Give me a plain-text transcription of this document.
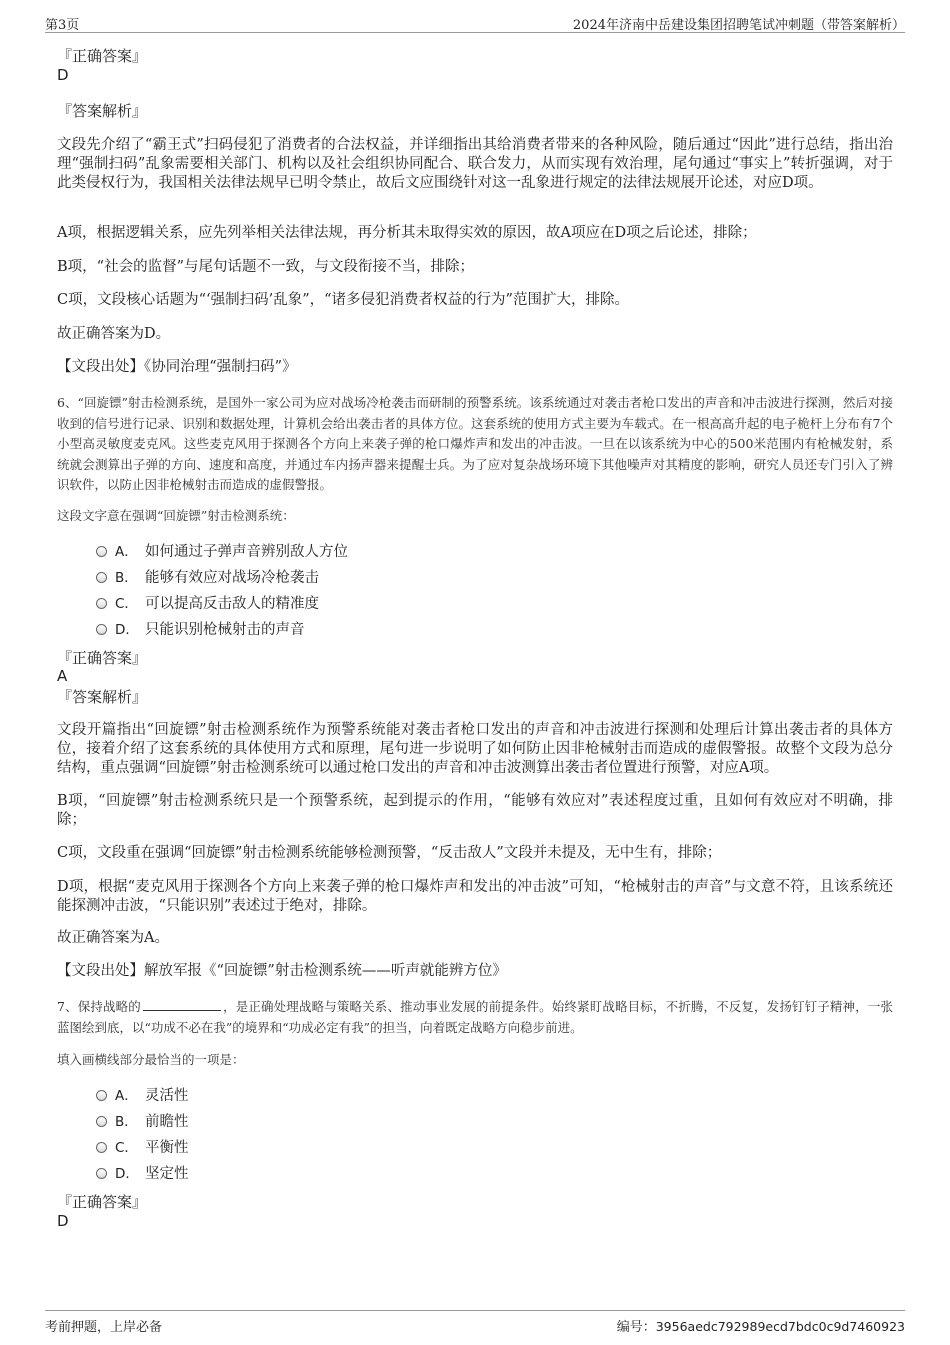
第3页	2024年济南中岳建设集团招聘笔试冲刺题（带答案解析）
『正确答案』
D
『答案解析』
文段先介绍了“霸王式”扫码侵犯了消费者的合法权益，并详细指出其给消费者带来的各种风险，随后通过“因此”进行总结，指出治理“强制扫码”乱象需要相关部门、机构以及社会组织协同配合、联合发力，从而实现有效治理，尾句通过“事实上”转折强调，对于此类侵权行为，我国相关法律法规早已明令禁止，故后文应围绕针对这一乱象进行规定的法律法规展开论述，对应D项。
A项，根据逻辑关系，应先列举相关法律法规，再分析其未取得实效的原因，故A项应在D项之后论述，排除；
B项，“社会的监督”与尾句话题不一致，与文段衔接不当，排除；
C项，文段核心话题为“‘强制扫码’乱象”，“诸多侵犯消费者权益的行为”范围扩大，排除。
故正确答案为D。
【文段出处】《协同治理“强制扫码”》
6、“回旋镖”射击检测系统，是国外一家公司为应对战场冷枪袭击而研制的预警系统。该系统通过对袭击者枪口发出的声音和冲击波进行探测，然后对接收到的信号进行记录、识别和数据处理，计算机会给出袭击者的具体方位。这套系统的使用方式主要为车载式。在一根高高升起的电子桅杆上分布有7个小型高灵敏度麦克风。这些麦克风用于探测各个方向上来袭子弹的枪口爆炸声和发出的冲击波。一旦在以该系统为中心的500米范围内有枪械发射，系统就会测算出子弹的方向、速度和高度，并通过车内扬声器来提醒士兵。为了应对复杂战场环境下其他噪声对其精度的影响，研究人员还专门引入了辨识软件，以防止因非枪械射击而造成的虚假警报。
这段文字意在强调“回旋镖”射击检测系统：
A． 如何通过子弹声音辨别敌人方位
B． 能够有效应对战场冷枪袭击
C． 可以提高反击敌人的精准度
D． 只能识别枪械射击的声音
『正确答案』
A
『答案解析』
文段开篇指出“回旋镖”射击检测系统作为预警系统能对袭击者枪口发出的声音和冲击波进行探测和处理后计算出袭击者的具体方位，接着介绍了这套系统的具体使用方式和原理，尾句进一步说明了如何防止因非枪械射击而造成的虚假警报。故整个文段为总分结构，重点强调“回旋镖”射击检测系统可以通过枪口发出的声音和冲击波测算出袭击者位置进行预警，对应A项。
B项，“回旋镖”射击检测系统只是一个预警系统，起到提示的作用，“能够有效应对”表述程度过重，且如何有效应对不明确，排除；
C项，文段重在强调“回旋镖”射击检测系统能够检测预警，“反击敌人”文段并未提及，无中生有，排除；
D项，根据“麦克风用于探测各个方向上来袭子弹的枪口爆炸声和发出的冲击波”可知，“枪械射击的声音”与文意不符，且该系统还能探测冲击波，“只能识别”表述过于绝对，排除。
故正确答案为A。
【文段出处】解放军报《“回旋镖”射击检测系统——听声就能辨方位》
7、保持战略的	，是正确处理战略与策略关系、推动事业发展的前提条件。始终紧盯战略目标，不折腾，不反复，发扬钉钉子精神，一张蓝图绘到底，以“功成不必在我”的境界和“功成必定有我”的担当，向着既定战略方向稳步前进。
填入画横线部分最恰当的一项是：
A． 灵活性
B． 前瞻性
C． 平衡性
D． 坚定性
『正确答案』
D
考前押题，上岸必备	编号：3956aedc792989ecd7bdc0c9d7460923
